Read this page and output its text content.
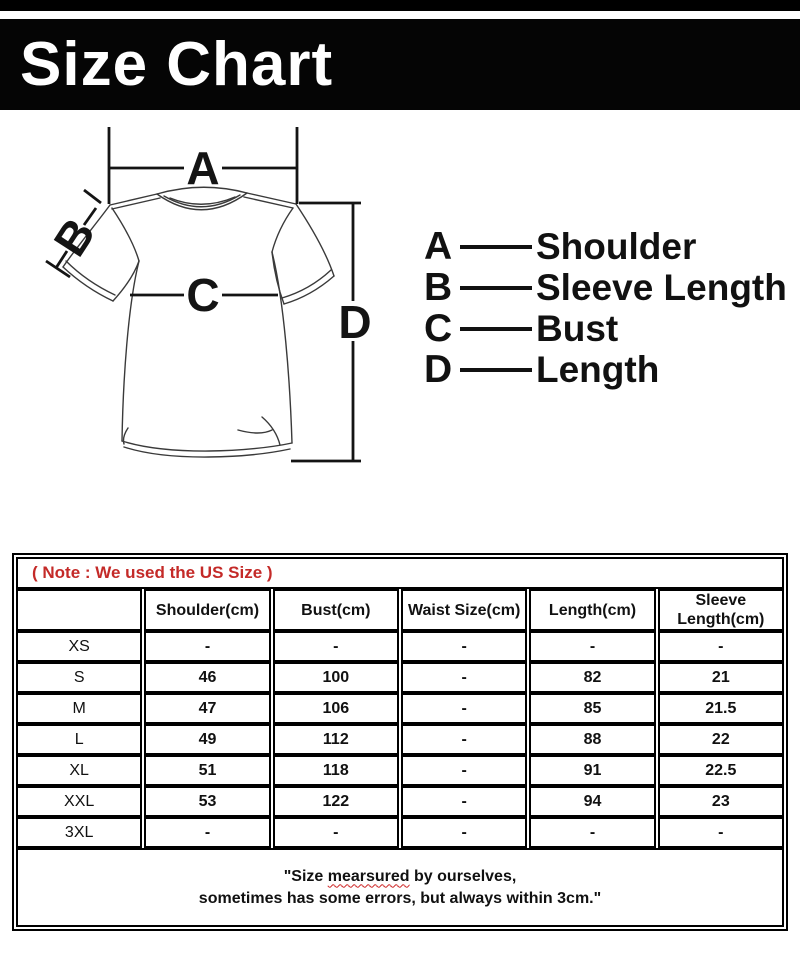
Size Chart
A
B
C
D
A Shoulder
B Sleeve Length
C Bust
D Length
( Note : We used the US Size )					
	Shoulder(cm)	Bust(cm)	Waist Size(cm)	Length(cm)	Sleeve Length(cm)
XS	-	-	-	-	-
S	46	100	-	82	21
M	47	106	-	85	21.5
L	49	112	-	88	22
XL	51	118	-	91	22.5
XXL	53	122	-	94	23
3XL	-	-	-	-	-

"Size mearsured by ourselves,
sometimes has some errors, but always within 3cm."					
